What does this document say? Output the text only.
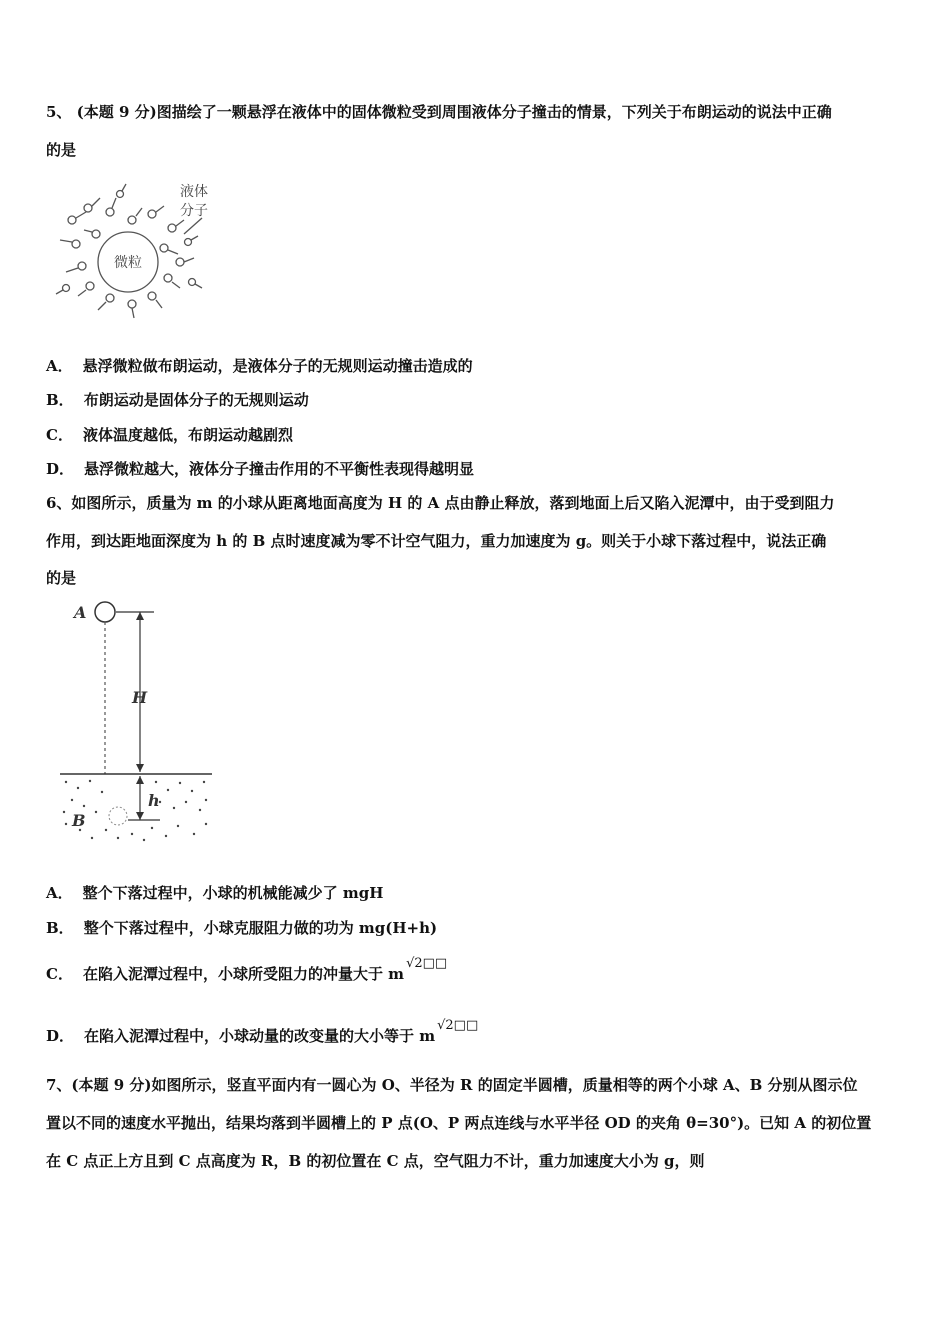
5、 (本题 9 分)图描绘了一颗悬浮在液体中的固体微粒受到周围液体分子撞击的情景，下列关于布朗运动的说法中正确
的是
微粒
液体
分子
A． 悬浮微粒做布朗运动，是液体分子的无规则运动撞击造成的
B． 布朗运动是固体分子的无规则运动
C． 液体温度越低，布朗运动越剧烈
D． 悬浮微粒越大，液体分子撞击作用的不平衡性表现得越明显
6、如图所示，质量为 m 的小球从距离地面高度为 H 的 A 点由静止释放，落到地面上后又陷入泥潭中，由于受到阻力
作用，到达距地面深度为 h 的 B 点时速度减为零不计空气阻力，重力加速度为 g。则关于小球下落过程中，说法正确
的是
A
H
h
B
A． 整个下落过程中，小球的机械能减少了 mgH
B． 整个下落过程中，小球克服阻力做的功为 mg(H+h)
C． 在陷入泥潭过程中，小球所受阻力的冲量大于 m√2□□
D． 在陷入泥潭过程中，小球动量的改变量的大小等于 m√2□□
7、(本题 9 分)如图所示，竖直平面内有一圆心为 O、半径为 R 的固定半圆槽，质量相等的两个小球 A、B 分别从图示位
置以不同的速度水平抛出，结果均落到半圆槽上的 P 点(O、P 两点连线与水平半径 OD 的夹角 θ=30°)。已知 A 的初位置
在 C 点正上方且到 C 点高度为 R，B 的初位置在 C 点，空气阻力不计，重力加速度大小为 g，则
